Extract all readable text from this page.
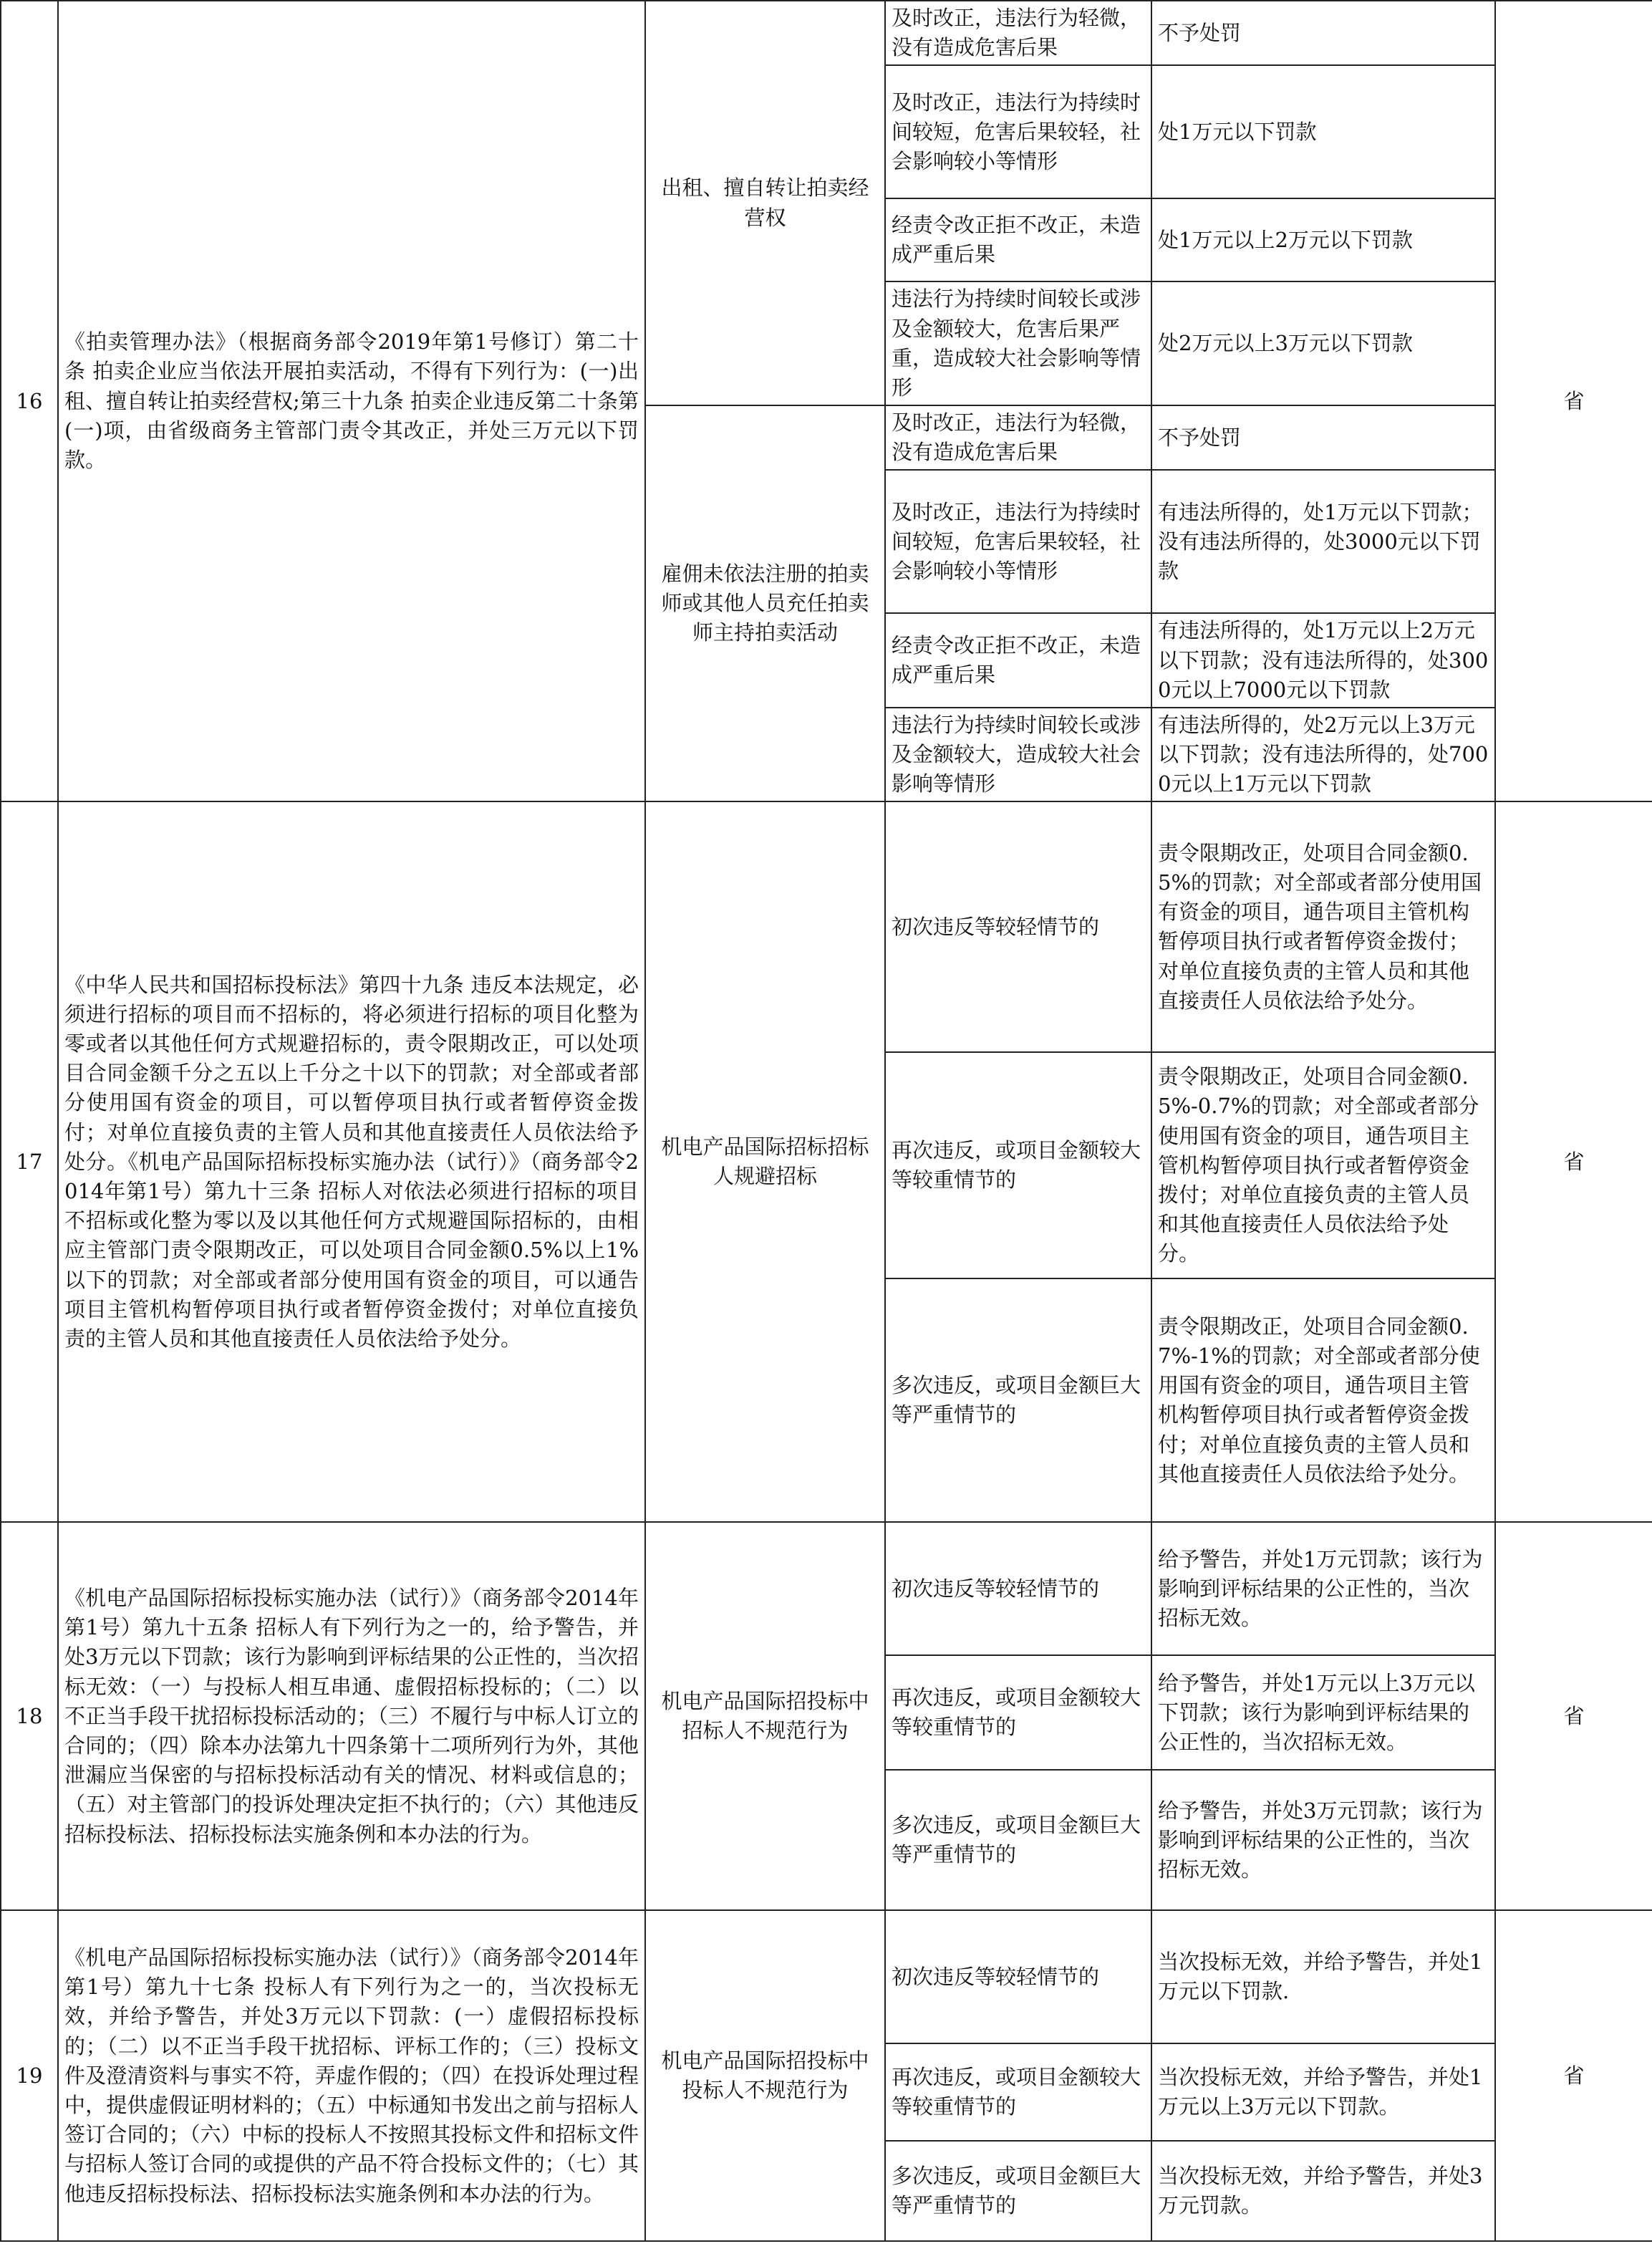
16	《拍卖管理办法》（根据商务部令2019年第1号修订）第二十条 拍卖企业应当依法开展拍卖活动，不得有下列行为：(一)出租、擅自转让拍卖经营权;第三十九条 拍卖企业违反第二十条第(一)项，由省级商务主管部门责令其改正，并处三万元以下罚款。	出租、擅自转让拍卖经营权	及时改正，违法行为轻微，没有造成危害后果	不予处罚	省
			及时改正，违法行为持续时间较短，危害后果较轻，社会影响较小等情形	处1万元以下罚款	
			经责令改正拒不改正，未造成严重后果	处1万元以上2万元以下罚款	
			违法行为持续时间较长或涉及金额较大，危害后果严重，造成较大社会影响等情形	处2万元以上3万元以下罚款	
		雇佣未依法注册的拍卖师或其他人员充任拍卖师主持拍卖活动	及时改正，违法行为轻微，没有造成危害后果	不予处罚	
			及时改正，违法行为持续时间较短，危害后果较轻，社会影响较小等情形	有违法所得的，处1万元以下罚款；没有违法所得的，处3000元以下罚款	
			经责令改正拒不改正，未造成严重后果	有违法所得的，处1万元以上2万元以下罚款；没有违法所得的，处3000元以上7000元以下罚款	
			违法行为持续时间较长或涉及金额较大，造成较大社会影响等情形	有违法所得的，处2万元以上3万元以下罚款；没有违法所得的，处7000元以上1万元以下罚款	
17	《中华人民共和国招标投标法》第四十九条 违反本法规定，必须进行招标的项目而不招标的，将必须进行招标的项目化整为零或者以其他任何方式规避招标的，责令限期改正，可以处项目合同金额千分之五以上千分之十以下的罚款；对全部或者部分使用国有资金的项目，可以暂停项目执行或者暂停资金拨付；对单位直接负责的主管人员和其他直接责任人员依法给予处分。《机电产品国际招标投标实施办法（试行）》（商务部令2014年第1号）第九十三条 招标人对依法必须进行招标的项目不招标或化整为零以及以其他任何方式规避国际招标的，由相应主管部门责令限期改正，可以处项目合同金额0.5%以上1%以下的罚款；对全部或者部分使用国有资金的项目，可以通告项目主管机构暂停项目执行或者暂停资金拨付；对单位直接负责的主管人员和其他直接责任人员依法给予处分。	机电产品国际招标招标人规避招标	初次违反等较轻情节的	责令限期改正，处项目合同金额0.5%的罚款；对全部或者部分使用国有资金的项目，通告项目主管机构暂停项目执行或者暂停资金拨付；对单位直接负责的主管人员和其他直接责任人员依法给予处分。	省
			再次违反，或项目金额较大等较重情节的	责令限期改正，处项目合同金额0.5%-0.7%的罚款；对全部或者部分使用国有资金的项目，通告项目主管机构暂停项目执行或者暂停资金拨付；对单位直接负责的主管人员和其他直接责任人员依法给予处分。	
			多次违反，或项目金额巨大等严重情节的	责令限期改正，处项目合同金额0.7%-1%的罚款；对全部或者部分使用国有资金的项目，通告项目主管机构暂停项目执行或者暂停资金拨付；对单位直接负责的主管人员和其他直接责任人员依法给予处分。	
18	《机电产品国际招标投标实施办法（试行）》（商务部令2014年第1号）第九十五条 招标人有下列行为之一的，给予警告，并处3万元以下罚款；该行为影响到评标结果的公正性的，当次招标无效：（一）与投标人相互串通、虚假招标投标的；（二）以不正当手段干扰招标投标活动的；（三）不履行与中标人订立的合同的；（四）除本办法第九十四条第十二项所列行为外，其他泄漏应当保密的与招标投标活动有关的情况、材料或信息的；（五）对主管部门的投诉处理决定拒不执行的；（六）其他违反招标投标法、招标投标法实施条例和本办法的行为。	机电产品国际招投标中招标人不规范行为	初次违反等较轻情节的	给予警告，并处1万元罚款；该行为影响到评标结果的公正性的，当次招标无效。	省
			再次违反，或项目金额较大等较重情节的	给予警告，并处1万元以上3万元以下罚款；该行为影响到评标结果的公正性的，当次招标无效。	
			多次违反，或项目金额巨大等严重情节的	给予警告，并处3万元罚款；该行为影响到评标结果的公正性的，当次招标无效。	
19	《机电产品国际招标投标实施办法（试行）》（商务部令2014年第1号）第九十七条 投标人有下列行为之一的，当次投标无效，并给予警告，并处3万元以下罚款：(一）虚假招标投标的；（二）以不正当手段干扰招标、评标工作的；（三）投标文件及澄清资料与事实不符，弄虚作假的；（四）在投诉处理过程中，提供虚假证明材料的；（五）中标通知书发出之前与招标人签订合同的；（六）中标的投标人不按照其投标文件和招标文件与招标人签订合同的或提供的产品不符合投标文件的；（七）其他违反招标投标法、招标投标法实施条例和本办法的行为。	机电产品国际招投标中投标人不规范行为	初次违反等较轻情节的	当次投标无效，并给予警告，并处1万元以下罚款.	省
			再次违反，或项目金额较大等较重情节的	当次投标无效，并给予警告，并处1万元以上3万元以下罚款。	
			多次违反，或项目金额巨大等严重情节的	当次投标无效，并给予警告，并处3万元罚款。	
